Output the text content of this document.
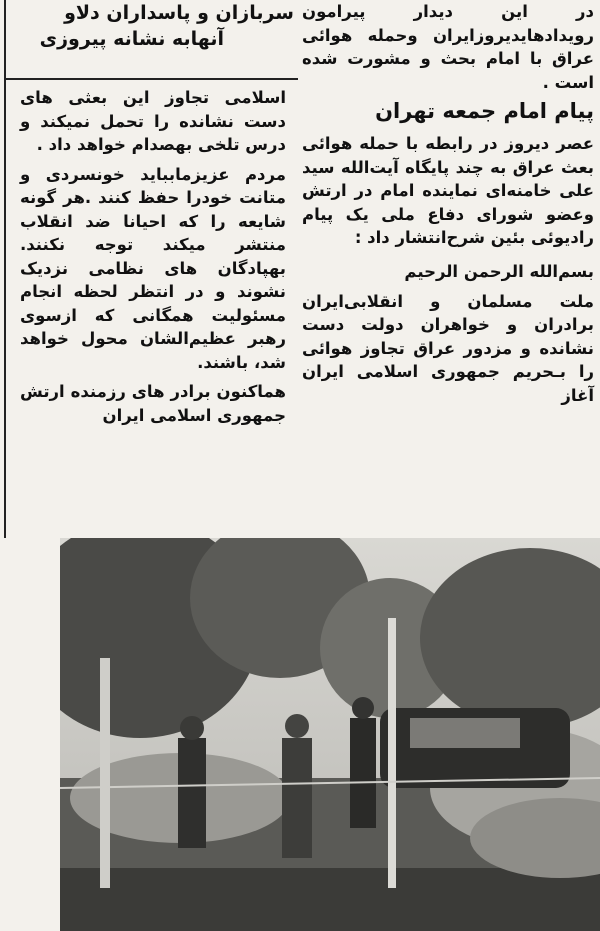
سربازان و پاسداران دلاو
آنهابه نشانه پیروزی

اسلامی تجاوز این بعثی های دست نشانده را تحمل نمیکند و درس تلخی بهصدام خواهد داد .

مردم عزیزمابباید خونسردی و متانت خودرا حفظ کنند .هر گونه شایعه را که احیانا ضد انقلاب منتشر میکند توجه نکنند. بهپادگان های نظامی نزدیک نشوند و در انتظر لحظه انجام مسئولیت همگانی که ازسوی رهبر عظیم‌الشان محول خواهد شد، باشند.

هماکنون برادر های رزمنده ارتش جمهوری اسلامی ایران

در این دیدار پیرامون رویدادهایدیروزایران وحمله هوائی عراق با امام بحث و مشورت شده است .

پیام امام جمعه تهران

عصر دیروز در رابطه با حمله هوائی بعث عراق به چند پایگاه آیت‌الله سید علی خامنه‌ای نماینده امام در ارتش وعضو شورای دفاع ملی یک پیام رادیوئی بئین شرح‌انتشار داد :

بسم‌الله الرحمن الرحیم

ملت مسلمان و انقلابی‌ایران برادران و خواهران دولت دست نشانده و مزدور عراق تجاوز هوائی را بـحریم جمهوری اسلامی ایران آغاز
